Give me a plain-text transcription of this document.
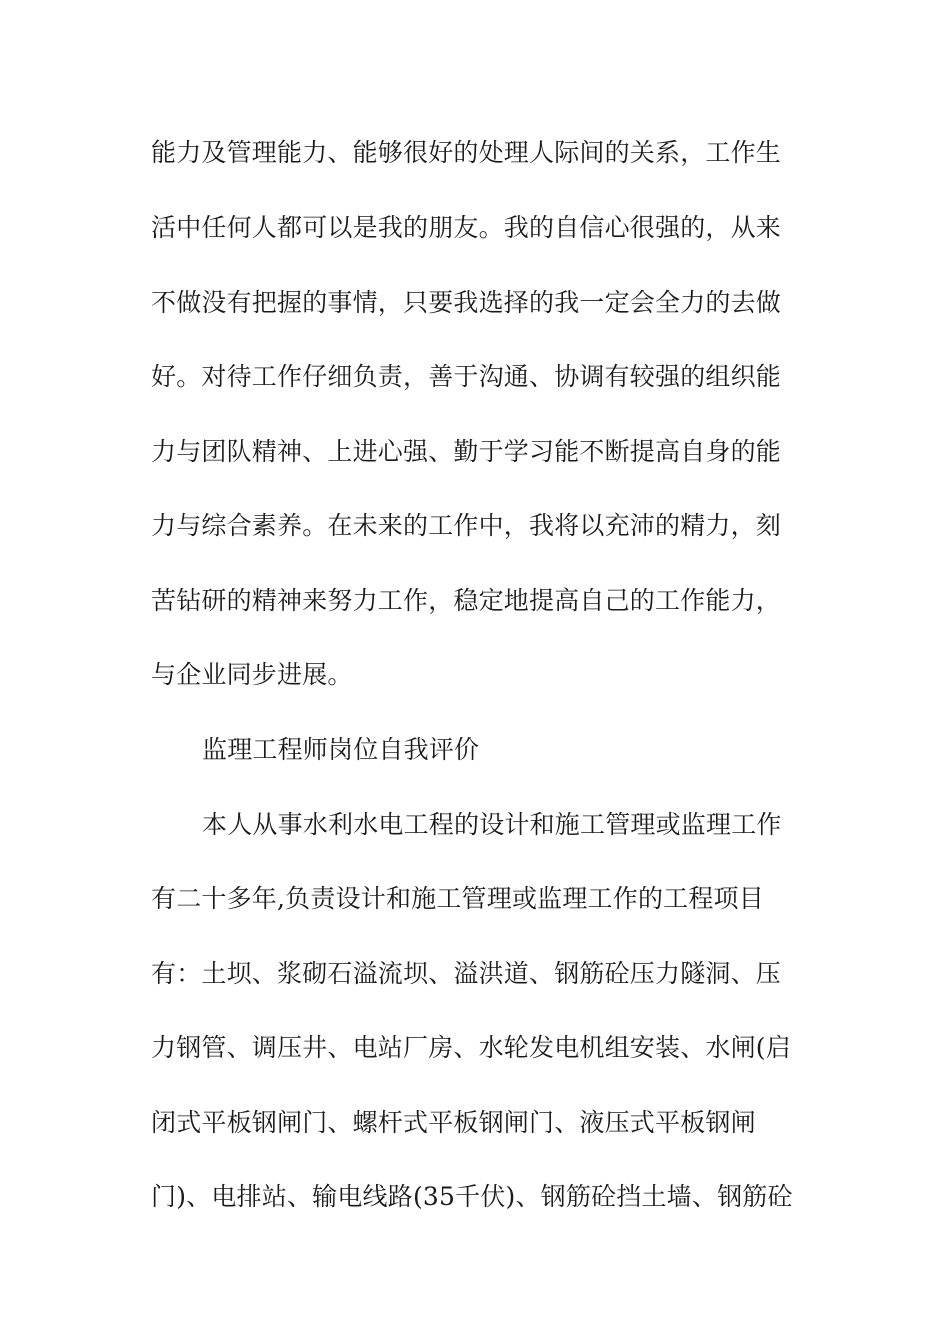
能力及管理能力、能够很好的处理人际间的关系，工作生
活中任何人都可以是我的朋友。我的自信心很强的，从来
不做没有把握的事情，只要我选择的我一定会全力的去做
好。对待工作仔细负责，善于沟通、协调有较强的组织能
力与团队精神、上进心强、勤于学习能不断提高自身的能
力与综合素养。在未来的工作中，我将以充沛的精力，刻
苦钻研的精神来努力工作，稳定地提高自己的工作能力，
与企业同步进展。
监理工程师岗位自我评价
本人从事水利水电工程的设计和施工管理或监理工作
有二十多年,负责设计和施工管理或监理工作的工程项目
有：土坝、浆砌石溢流坝、溢洪道、钢筋砼压力隧洞、压
力钢管、调压井、电站厂房、水轮发电机组安装、水闸(启
闭式平板钢闸门、螺杆式平板钢闸门、液压式平板钢闸
门)、电排站、输电线路(35千伏)、钢筋砼挡土墙、钢筋砼
